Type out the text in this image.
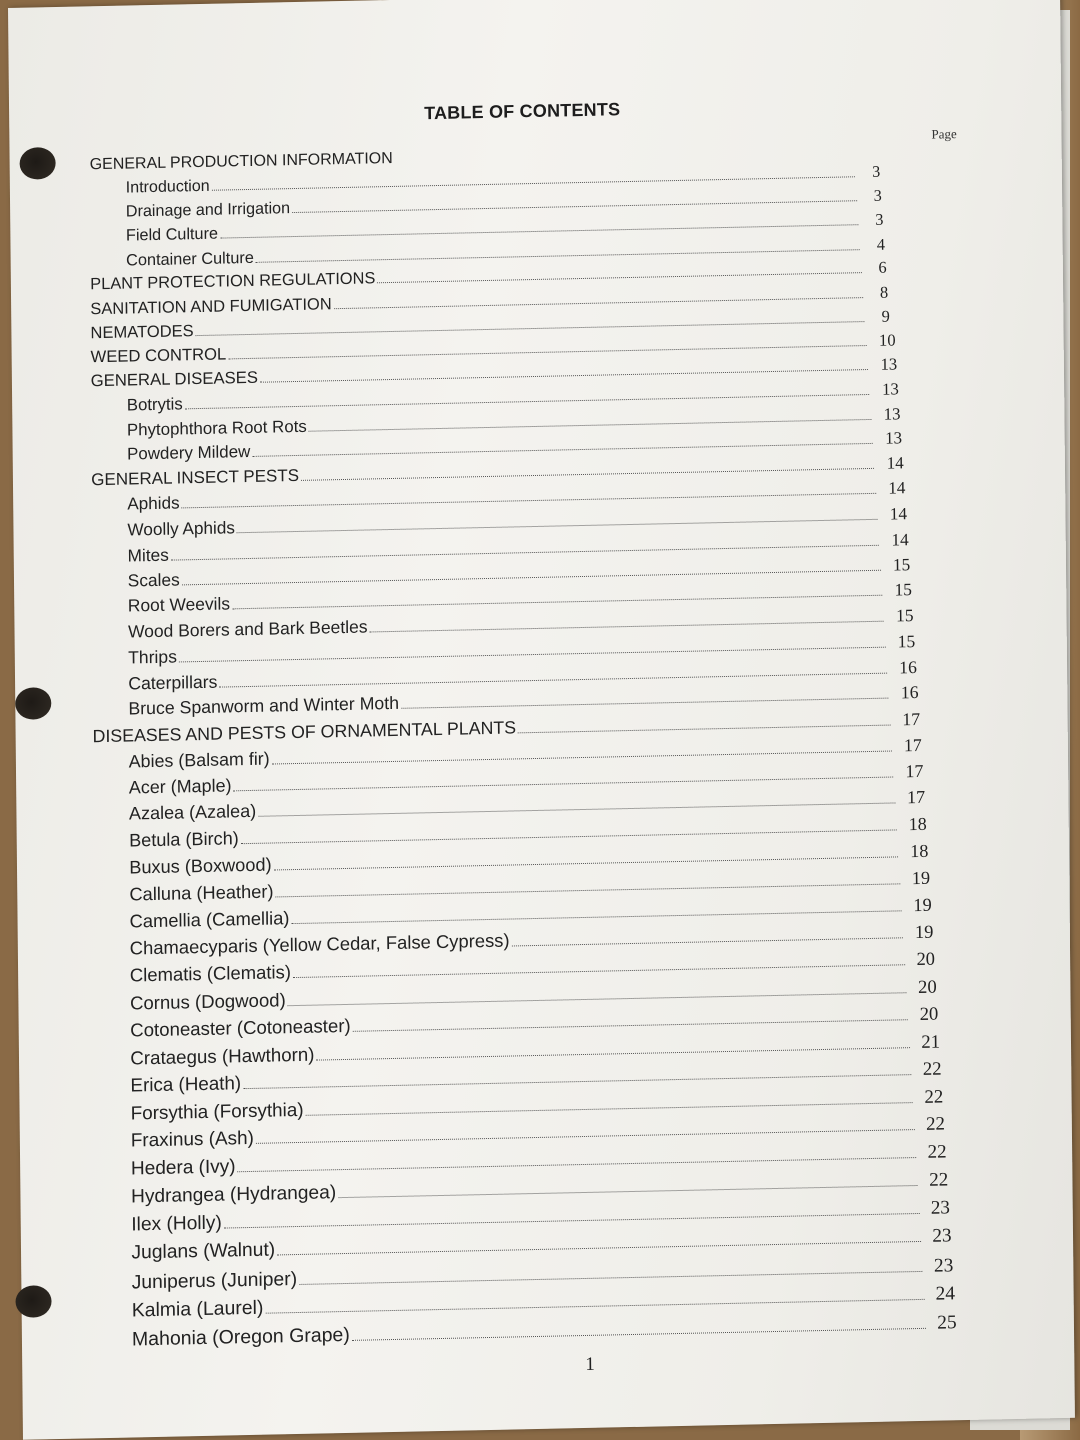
TABLE OF CONTENTS
Page
GENERAL PRODUCTION INFORMATION
Introduction
3
Drainage and Irrigation
3
Field Culture
3
Container Culture
4
PLANT PROTECTION REGULATIONS
6
SANITATION AND FUMIGATION
8
NEMATODES
9
WEED CONTROL
10
GENERAL DISEASES
13
Botrytis
13
Phytophthora Root Rots
13
Powdery Mildew
13
GENERAL INSECT PESTS
14
Aphids
14
Woolly Aphids
14
Mites
14
Scales
15
Root Weevils
15
Wood Borers and Bark Beetles
15
Thrips
15
Caterpillars
16
Bruce Spanworm and Winter Moth
16
DISEASES AND PESTS OF ORNAMENTAL PLANTS	17
Abies (Balsam fir)
17
Acer (Maple)
17
Azalea (Azalea)
17
Betula (Birch)
18
Buxus (Boxwood)
18
Calluna (Heather)
19
Camellia (Camellia)
19
Chamaecyparis (Yellow Cedar, False Cypress)	19
Clematis (Clematis)
20
Cornus (Dogwood)
20
Cotoneaster (Cotoneaster)
20
Crataegus (Hawthorn)
21
Erica (Heath)
22
Forsythia (Forsythia)
22
Fraxinus (Ash)
22
Hedera (Ivy)
22
Hydrangea (Hydrangea)
22
Ilex (Holly)
23
Juglans (Walnut)
23
Juniperus (Juniper)
23
Kalmia (Laurel)
24
Mahonia (Oregon Grape)
25
1
